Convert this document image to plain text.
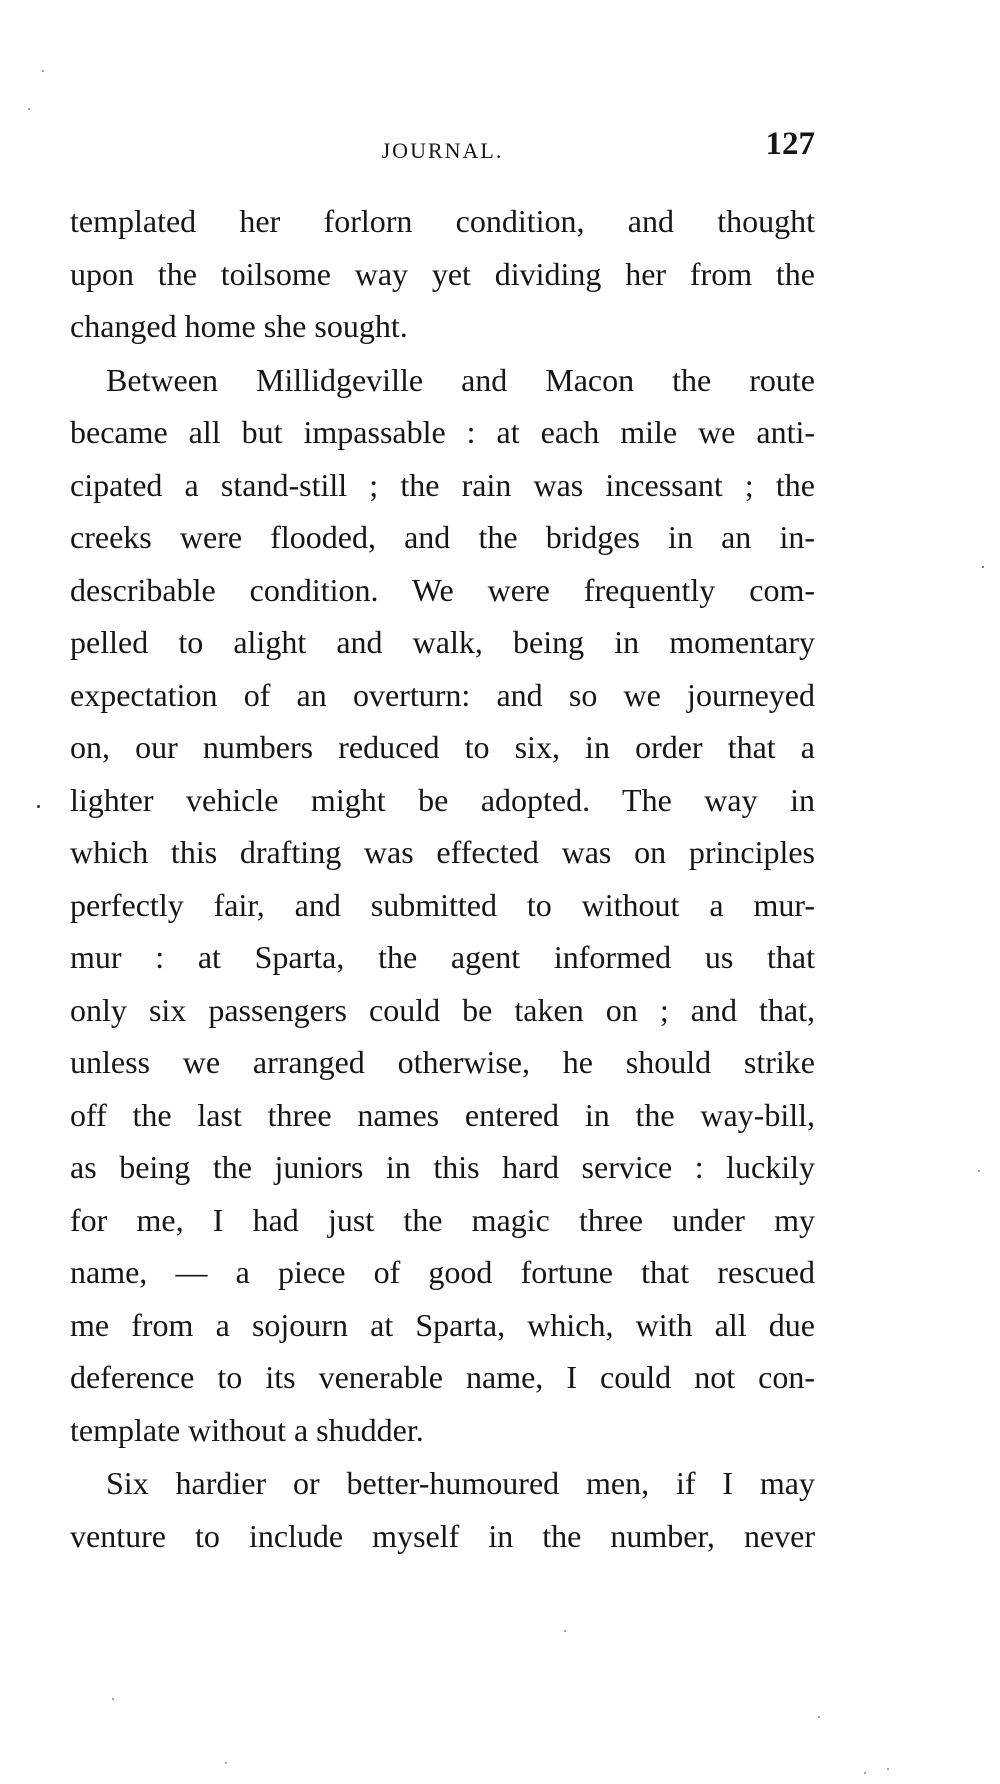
JOURNAL.	127
templated her forlorn condition, and thought
upon the toilsome way yet dividing her from the
changed home she sought.
Between Millidgeville and Macon the route
became all but impassable : at each mile we anti-
cipated a stand-still ; the rain was incessant ; the
creeks were flooded, and the bridges in an in-
describable condition. We were frequently com-
pelled to alight and walk, being in momentary
expectation of an overturn: and so we journeyed
on, our numbers reduced to six, in order that a
lighter vehicle might be adopted. The way in
which this drafting was effected was on principles
perfectly fair, and submitted to without a mur-
mur : at Sparta, the agent informed us that
only six passengers could be taken on ; and that,
unless we arranged otherwise, he should strike
off the last three names entered in the way-bill,
as being the juniors in this hard service : luckily
for me, I had just the magic three under my
name, — a piece of good fortune that rescued
me from a sojourn at Sparta, which, with all due
deference to its venerable name, I could not con-
template without a shudder.
Six hardier or better-humoured men, if I may
venture to include myself in the number, never
